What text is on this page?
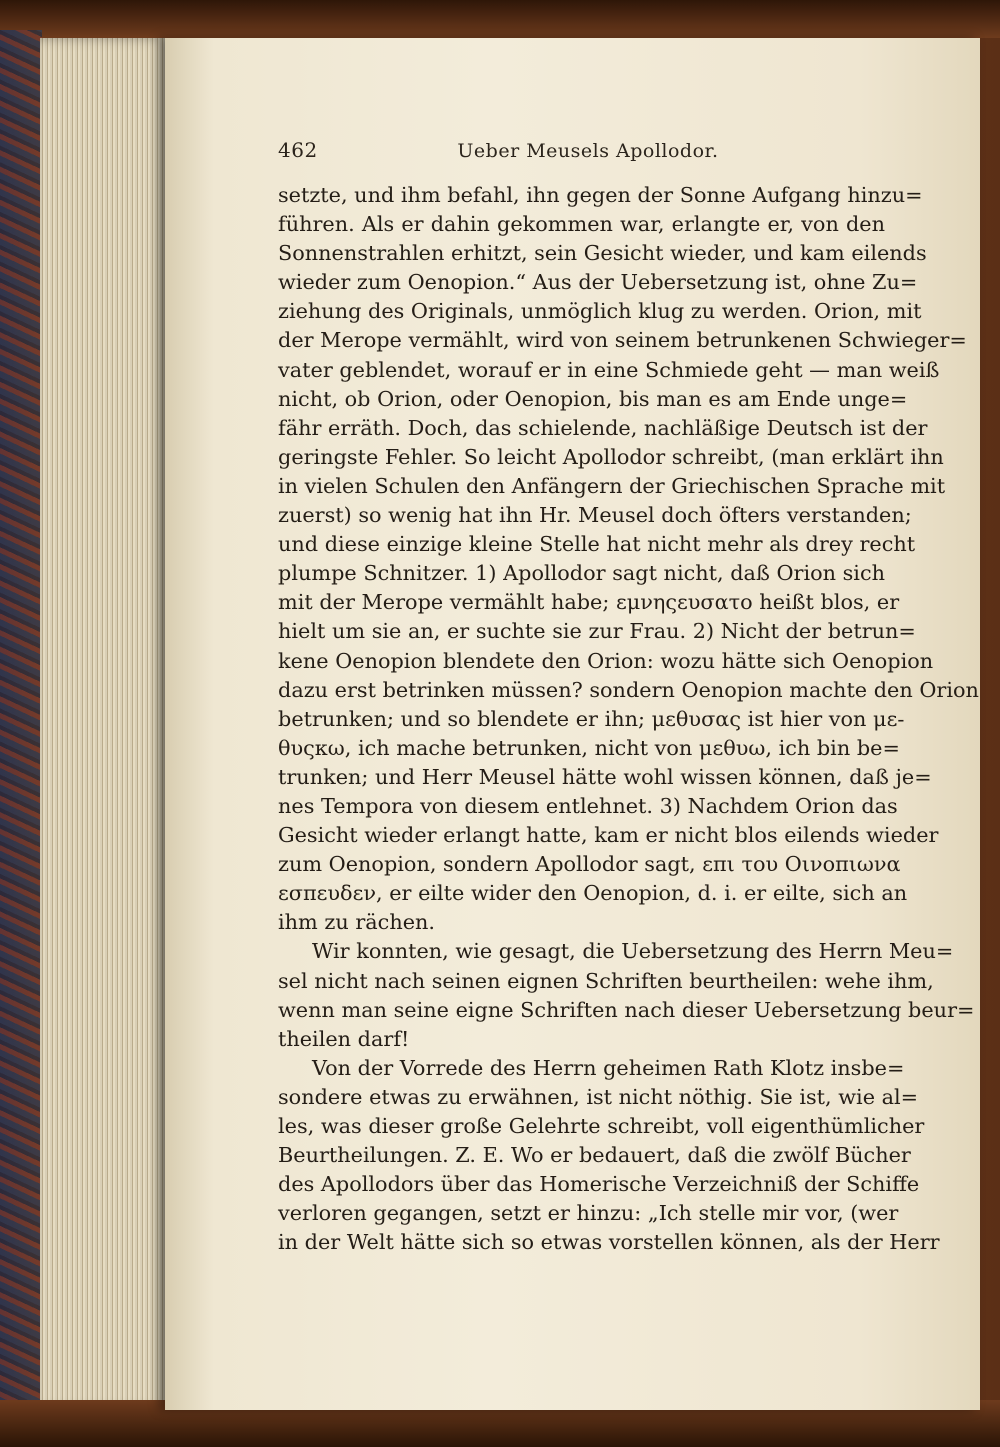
462	Ueber Meusels Apollodor.
setzte, und ihm befahl, ihn gegen der Sonne Aufgang hinzu=
führen. Als er dahin gekommen war, erlangte er, von den
Sonnenstrahlen erhitzt, sein Gesicht wieder, und kam eilends
wieder zum Oenopion.“ Aus der Uebersetzung ist, ohne Zu=
ziehung des Originals, unmöglich klug zu werden. Orion, mit
der Merope vermählt, wird von seinem betrunkenen Schwieger=
vater geblendet, worauf er in eine Schmiede geht — man weiß
nicht, ob Orion, oder Oenopion, bis man es am Ende unge=
fähr erräth. Doch, das schielende, nachläßige Deutsch ist der
geringste Fehler. So leicht Apollodor schreibt, (man erklärt ihn
in vielen Schulen den Anfängern der Griechischen Sprache mit
zuerst) so wenig hat ihn Hr. Meusel doch öfters verstanden;
und diese einzige kleine Stelle hat nicht mehr als drey recht
plumpe Schnitzer. 1) Apollodor sagt nicht, daß Orion sich
mit der Merope vermählt habe; εμνηςευσατο heißt blos, er
hielt um sie an, er suchte sie zur Frau. 2) Nicht der betrun=
kene Oenopion blendete den Orion: wozu hätte sich Oenopion
dazu erst betrinken müssen? sondern Oenopion machte den Orion
betrunken; und so blendete er ihn; μεθυσας ist hier von με-
θυςκω, ich mache betrunken, nicht von μεθυω, ich bin be=
trunken; und Herr Meusel hätte wohl wissen können, daß je=
nes Tempora von diesem entlehnet. 3) Nachdem Orion das
Gesicht wieder erlangt hatte, kam er nicht blos eilends wieder
zum Oenopion, sondern Apollodor sagt, επι του Οινοπιωνα
εσπευδεν, er eilte wider den Oenopion, d. i. er eilte, sich an
ihm zu rächen.
Wir konnten, wie gesagt, die Uebersetzung des Herrn Meu=
sel nicht nach seinen eignen Schriften beurtheilen: wehe ihm,
wenn man seine eigne Schriften nach dieser Uebersetzung beur=
theilen darf!
Von der Vorrede des Herrn geheimen Rath Klotz insbe=
sondere etwas zu erwähnen, ist nicht nöthig. Sie ist, wie al=
les, was dieser große Gelehrte schreibt, voll eigenthümlicher
Beurtheilungen. Z. E. Wo er bedauert, daß die zwölf Bücher
des Apollodors über das Homerische Verzeichniß der Schiffe
verloren gegangen, setzt er hinzu: „Ich stelle mir vor, (wer
in der Welt hätte sich so etwas vorstellen können, als der Herr
